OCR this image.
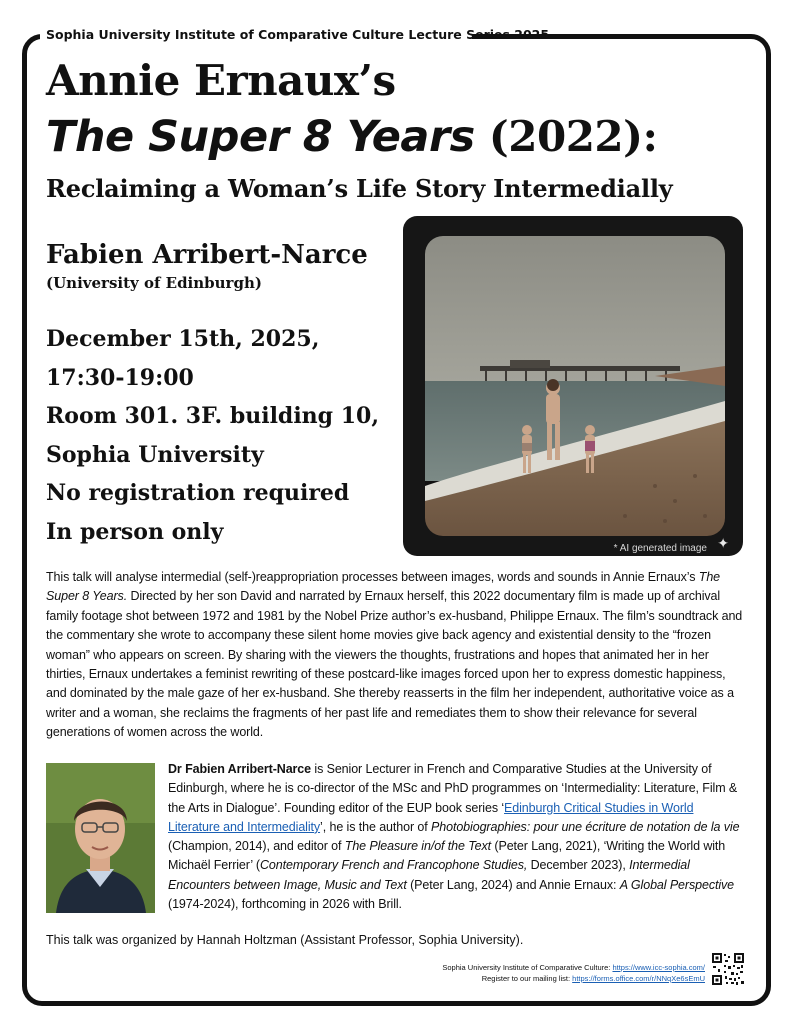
Sophia University Institute of Comparative Culture Lecture Series 2025
Annie Ernaux’s
The Super 8 Years (2022):
Reclaiming a Woman’s Life Story Intermedially
Fabien Arribert-Narce
(University of Edinburgh)
December 15th, 2025,
17:30-19:00
Room 301. 3F. building 10,
Sophia University
No registration required
In person only
* AI generated image ✦
This talk will analyse intermedial (self-)reappropriation processes between images, words and sounds in Annie Ernaux’s The Super 8 Years. Directed by her son David and narrated by Ernaux herself, this 2022 documentary film is made up of archival family footage shot between 1972 and 1981 by the Nobel Prize author’s ex-husband, Philippe Ernaux. The film’s soundtrack and the commentary she wrote to accompany these silent home movies give back agency and existential density to the “frozen woman” who appears on screen. By sharing with the viewers the thoughts, frustrations and hopes that animated her in her thirties, Ernaux undertakes a feminist rewriting of these postcard-like images forced upon her to express domestic happiness, and dominated by the male gaze of her ex-husband. She thereby reasserts in the film her independent, authoritative voice as a writer and a woman, she reclaims the fragments of her past life and remediates them to show their relevance for several generations of women across the world.
Dr Fabien Arribert-Narce is Senior Lecturer in French and Comparative Studies at the University of Edinburgh, where he is co-director of the MSc and PhD programmes on ‘Intermediality: Literature, Film & the Arts in Dialogue’. Founding editor of the EUP book series ‘Edinburgh Critical Studies in World Literature and Intermediality’, he is the author of Photobiographies: pour une écriture de notation de la vie (Champion, 2014), and editor of The Pleasure in/of the Text (Peter Lang, 2021), ‘Writing the World with Michaël Ferrier’ (Contemporary French and Francophone Studies, December 2023), Intermedial Encounters between Image, Music and Text (Peter Lang, 2024) and Annie Ernaux: A Global Perspective (1974-2024), forthcoming in 2026 with Brill.
This talk was organized by Hannah Holtzman (Assistant Professor, Sophia University).
Sophia University Institute of Comparative Culture: https://www.icc-sophia.com/
Register to our mailing list: https://forms.office.com/r/NNqXe6sEmU
